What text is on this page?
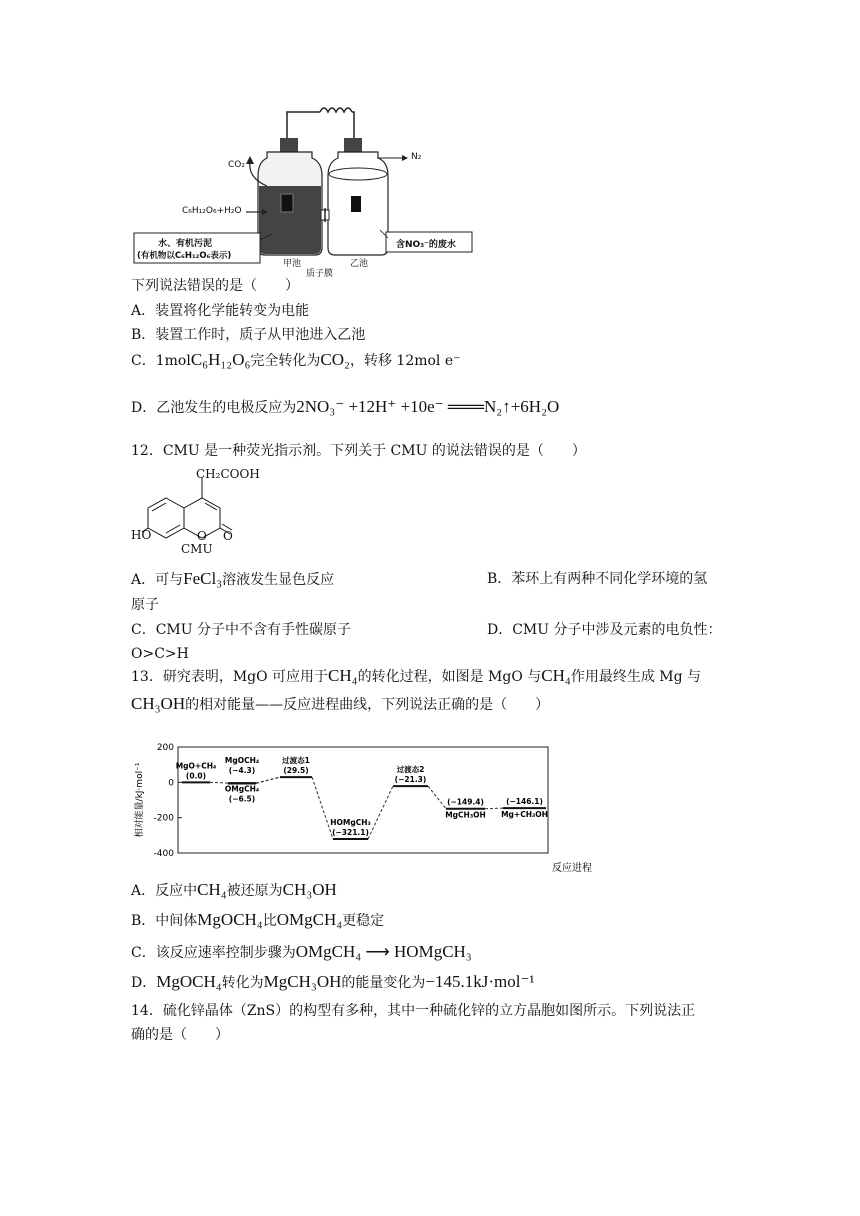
CO₂
N₂
C₆H₁₂O₆+H₂O
水、有机污泥
(有机物以C₆H₁₂O₆表示)
甲池	乙池
质子膜
含NO₃⁻的废水
下列说法错误的是（　　）
A．装置将化学能转变为电能
B．装置工作时，质子从甲池进入乙池
C．1molC₆H₁₂O₆完全转化为CO₂，转移 12mol e⁻
D．乙池发生的电极反应为2NO₃⁻ +12H⁺ +10e⁻ ═══N₂↑+6H₂O
12．CMU 是一种荧光指示剂。下列关于 CMU 的说法错误的是（　　）
CH₂COOH
HO	O O
CMU
A．可与FeCl₃溶液发生显色反应	B．苯环上有两种不同化学环境的氢
原子
C．CMU 分子中不含有手性碳原子	D．CMU 分子中涉及元素的电负性：
O>C>H
13．研究表明，MgO 可应用于CH₄的转化过程，如图是 MgO 与CH₄作用最终生成 Mg 与
CH₃OH的相对能量——反应进程曲线，下列说法正确的是（　　）
200
0
-200
-400
相对能量/kJ·mol⁻¹
反应进程
MgO+CH₄
(0.0)
MgOCH₄
(−4.3)
OMgCH₄
(−6.5)
过渡态1
(29.5)
HOMgCH₃
(−321.1)
过渡态2
(−21.3)
MgCH₃OH
(−149.4)
Mg+CH₃OH
(−146.1)
A．反应中CH₄被还原为CH₃OH
B．中间体MgOCH₄比OMgCH₄更稳定
C．该反应速率控制步骤为OMgCH₄ ⟶ HOMgCH₃
D．MgOCH₄转化为MgCH₃OH的能量变化为−145.1kJ·mol⁻¹
14．硫化锌晶体（ZnS）的构型有多种，其中一种硫化锌的立方晶胞如图所示。下列说法正
确的是（　　）
